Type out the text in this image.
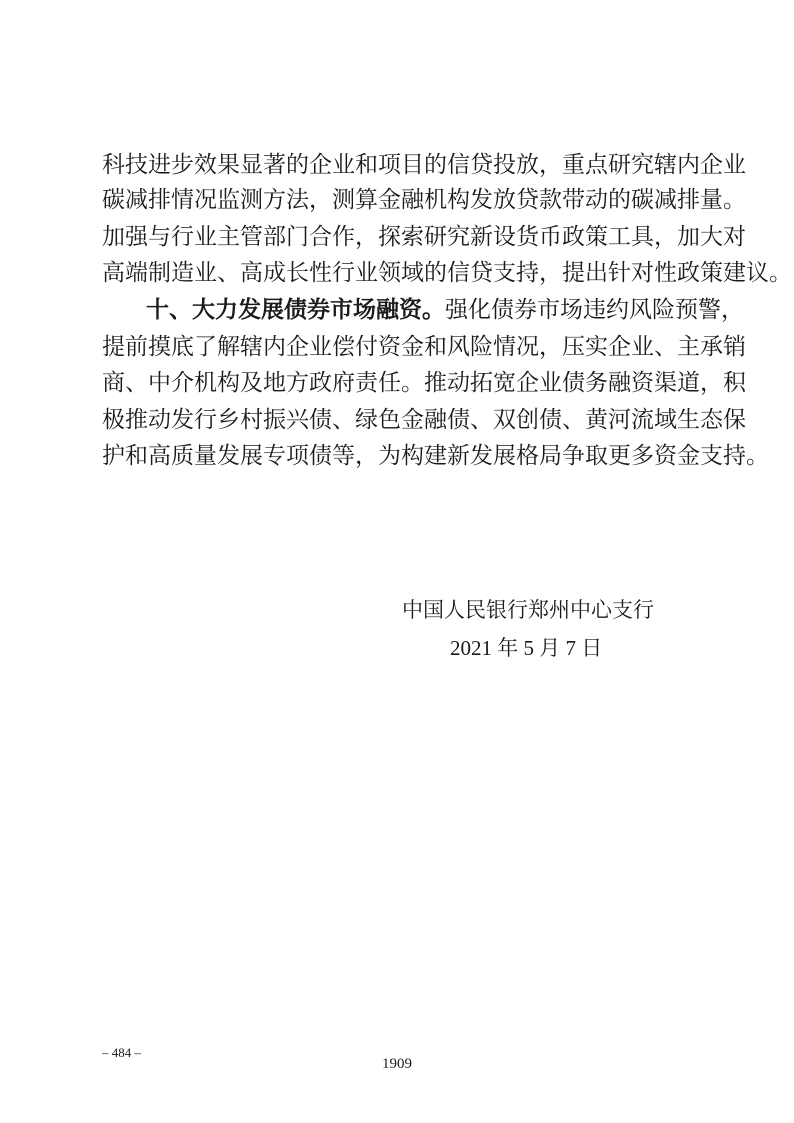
科技进步效果显著的企业和项目的信贷投放，重点研究辖内企业
碳减排情况监测方法，测算金融机构发放贷款带动的碳减排量。
加强与行业主管部门合作，探索研究新设货币政策工具，加大对
高端制造业、高成长性行业领域的信贷支持，提出针对性政策建议。
十、大力发展债券市场融资。强化债券市场违约风险预警，
提前摸底了解辖内企业偿付资金和风险情况，压实企业、主承销
商、中介机构及地方政府责任。推动拓宽企业债务融资渠道，积
极推动发行乡村振兴债、绿色金融债、双创债、黄河流域生态保
护和高质量发展专项债等，为构建新发展格局争取更多资金支持。
中国人民银行郑州中心支行
2021 年 5 月 7 日
– 484 –
1909
